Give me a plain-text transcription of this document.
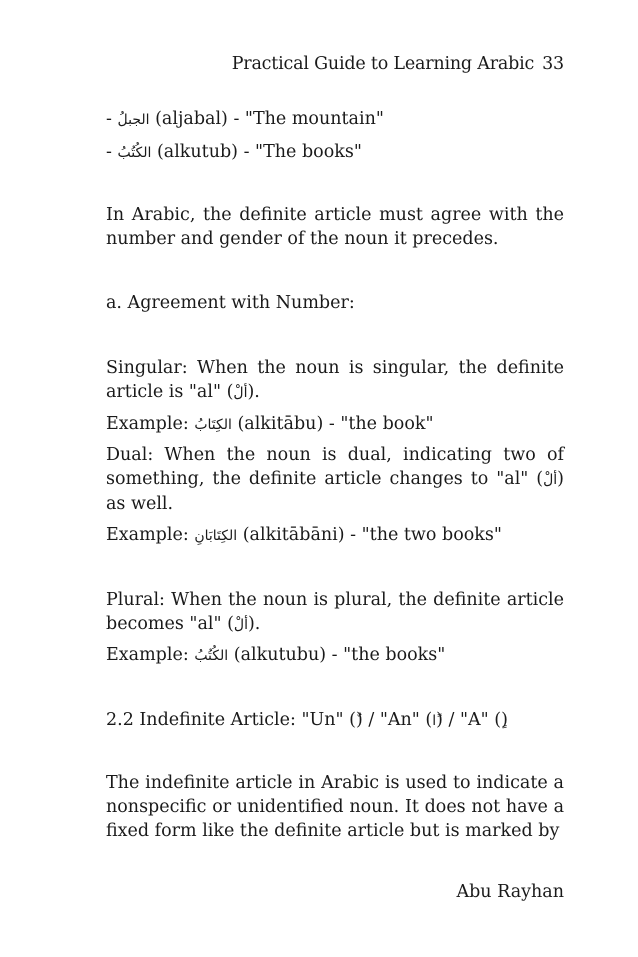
Practical Guide to Learning Arabic 33
- الجبلُ (aljabal) - "The mountain"
- الكُتُبُ (alkutub) - "The books"
In Arabic, the definite article must agree with the number and gender of the noun it precedes.
a. Agreement with Number:
Singular: When the noun is singular, the definite article is "al" (ألْ).
Example: الكِتَابُ (alkitābu) - "the book"
Dual: When the noun is dual, indicating two of something, the definite article changes to "al" (ألْ) as well.
Example: الكِتَابَانِ (alkitābāni) - "the two books"
Plural: When the noun is plural, the definite article becomes "al" (ألْ).
Example: الكُتُبُ (alkutubu) - "the books"
2.2 Indefinite Article: "Un" () / "An" (ًا) / "A" ()
The indefinite article in Arabic is used to indicate a nonspecific or unidentified noun. It does not have a fixed form like the definite article but is marked by
Abu Rayhan
